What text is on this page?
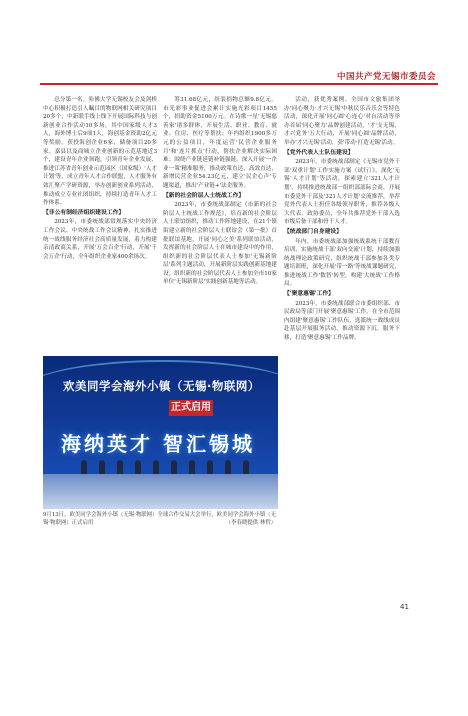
中国共产党无锡市委员会

总分第一名。哈佛大学无锡校友会及剑桥中心积极打造引人瞩目的物联网相关研究项目20多个，中新联手线上线下开展国际科技与创新创业合作活动10多场，其中国家级人才3人，海外博士后9项1人，海创基金资助2亿元等奖励，获投海创企业6家，储备项目20多家。嘉县以及商城立企业创新的示范基地近3个，建设青年企业领跑，引领青年企业发展，推进江苏省青年创业示范园区（国家级）'人才计划'等，成立青年人才合作联盟，人才服务有效汇聚产学研资源，举办创新创业系列活动，推动成立专业社团组织，持续打造青年人才工作体系。

【非公有制经济组织建设工作】

2023年，市委统战部常规落实中央经济工作会议、中央统战工作会议精神，扎实推进统一战线服务经济社会高质量发展，着力构建亲清政商关系，开展'万会百企'行动，开展'千会万企'行动，全年组织企业家400余场次。

筹31.68亿元，组装捐物总额9.8亿元。市光彩事业促进会累计实施光彩项目1455个，捐助资金5100万元。在诗歌一星'无锡慈善家'诸多群体，开展生活、职业、教育、就业、住房、医疗等帮扶；年内组织1900多万元的公益项目，年度运营'民营企业服务月'和'连片抓点'行动，帮扶企业解决实际困难；围绕产业链延链补链强链，深入开展'一企业一策'精准服务，推动政策直达、高效直达，新增民营企业54.23亿元，建立'民企心声'专题渠道，推出'产业链+'法企服务。

【新的社会阶层人士统战工作】

2023年，市委统战部制定《市新的社会阶层人士统战工作规范》，培育新的社会阶层人士联谊组织，推动工作阵地建设，在21个镇街建立新的社会阶层人士联谊会（第一批）首批联谊基地，开展'同心之美'系列联谊活动，发挥新的社会阶层人士在城市建设中的作用，组织新的社会阶层代表人士参加'无锡新阶层'系列主题活动，开展新阶层实践创新基地建设。组织新的社会阶层代表人士参加全市10家单位'无锡新阶层'实践创新基地等活动。

活动，获优秀案例。全国市文旅集团举办'同心聚力·才兴无锡'中秋民乐音乐会等特色活动，深化开展'同心圆'心连心'对台活动等举办首届'同心聚力'品牌创建活动，'才'支无锡，才兴党务'五大行动，开展'同心圆'品牌活动，举办'才兴无锡'活动，获'带动·打造无锡'活动。

【党外代表人士队伍建设】

2023年，市委统战部制定《无锡市党外干部'双重计划'工作实施方案（试行）》，深化'无锡'人才计划'等活动，探索建立'321人才计划'，持续推进统战部一组织部部际会商，开展市委党外干部及'321人才计划'交流推荐，举荐党外代表人士担任各级领导职务，推荐各级人大代表、政协委员，全年共推荐党外干部入选市级后备干部和骨干人才。

【统战部门自身建设】

年内，市委统战部加强统战系统干部教育培训，实施统战干部'双向交流'计划，持续加强统战理论政策研究，组织统战干部参加各类专题培训班，深化开展'带一路'等统战课题研究，推进统战工作'数智'转型，构建'大统战'工作格局。

【'聚意惠锡'工作】

2023年，市委统战部联合市委组织部、市民政局等部门开展'聚意惠锡'工作，在全市范围内组建'聚意惠锡'工作队伍，选派统一战线成员赴基层开展服务活动，推动资源下沉、服务下移，打造'聚意惠锡'工作品牌。

欢美同学会海外小镇（无锡·物联网）
正式启用
海纳英才 智汇锡城
9月13日，欧美同学会海外小镇（无锡·物联网）全球合作交易大会举行，欧美同学会海外小镇（无锡·物联网）正式启用	（李春晓提供 林哲）
41
